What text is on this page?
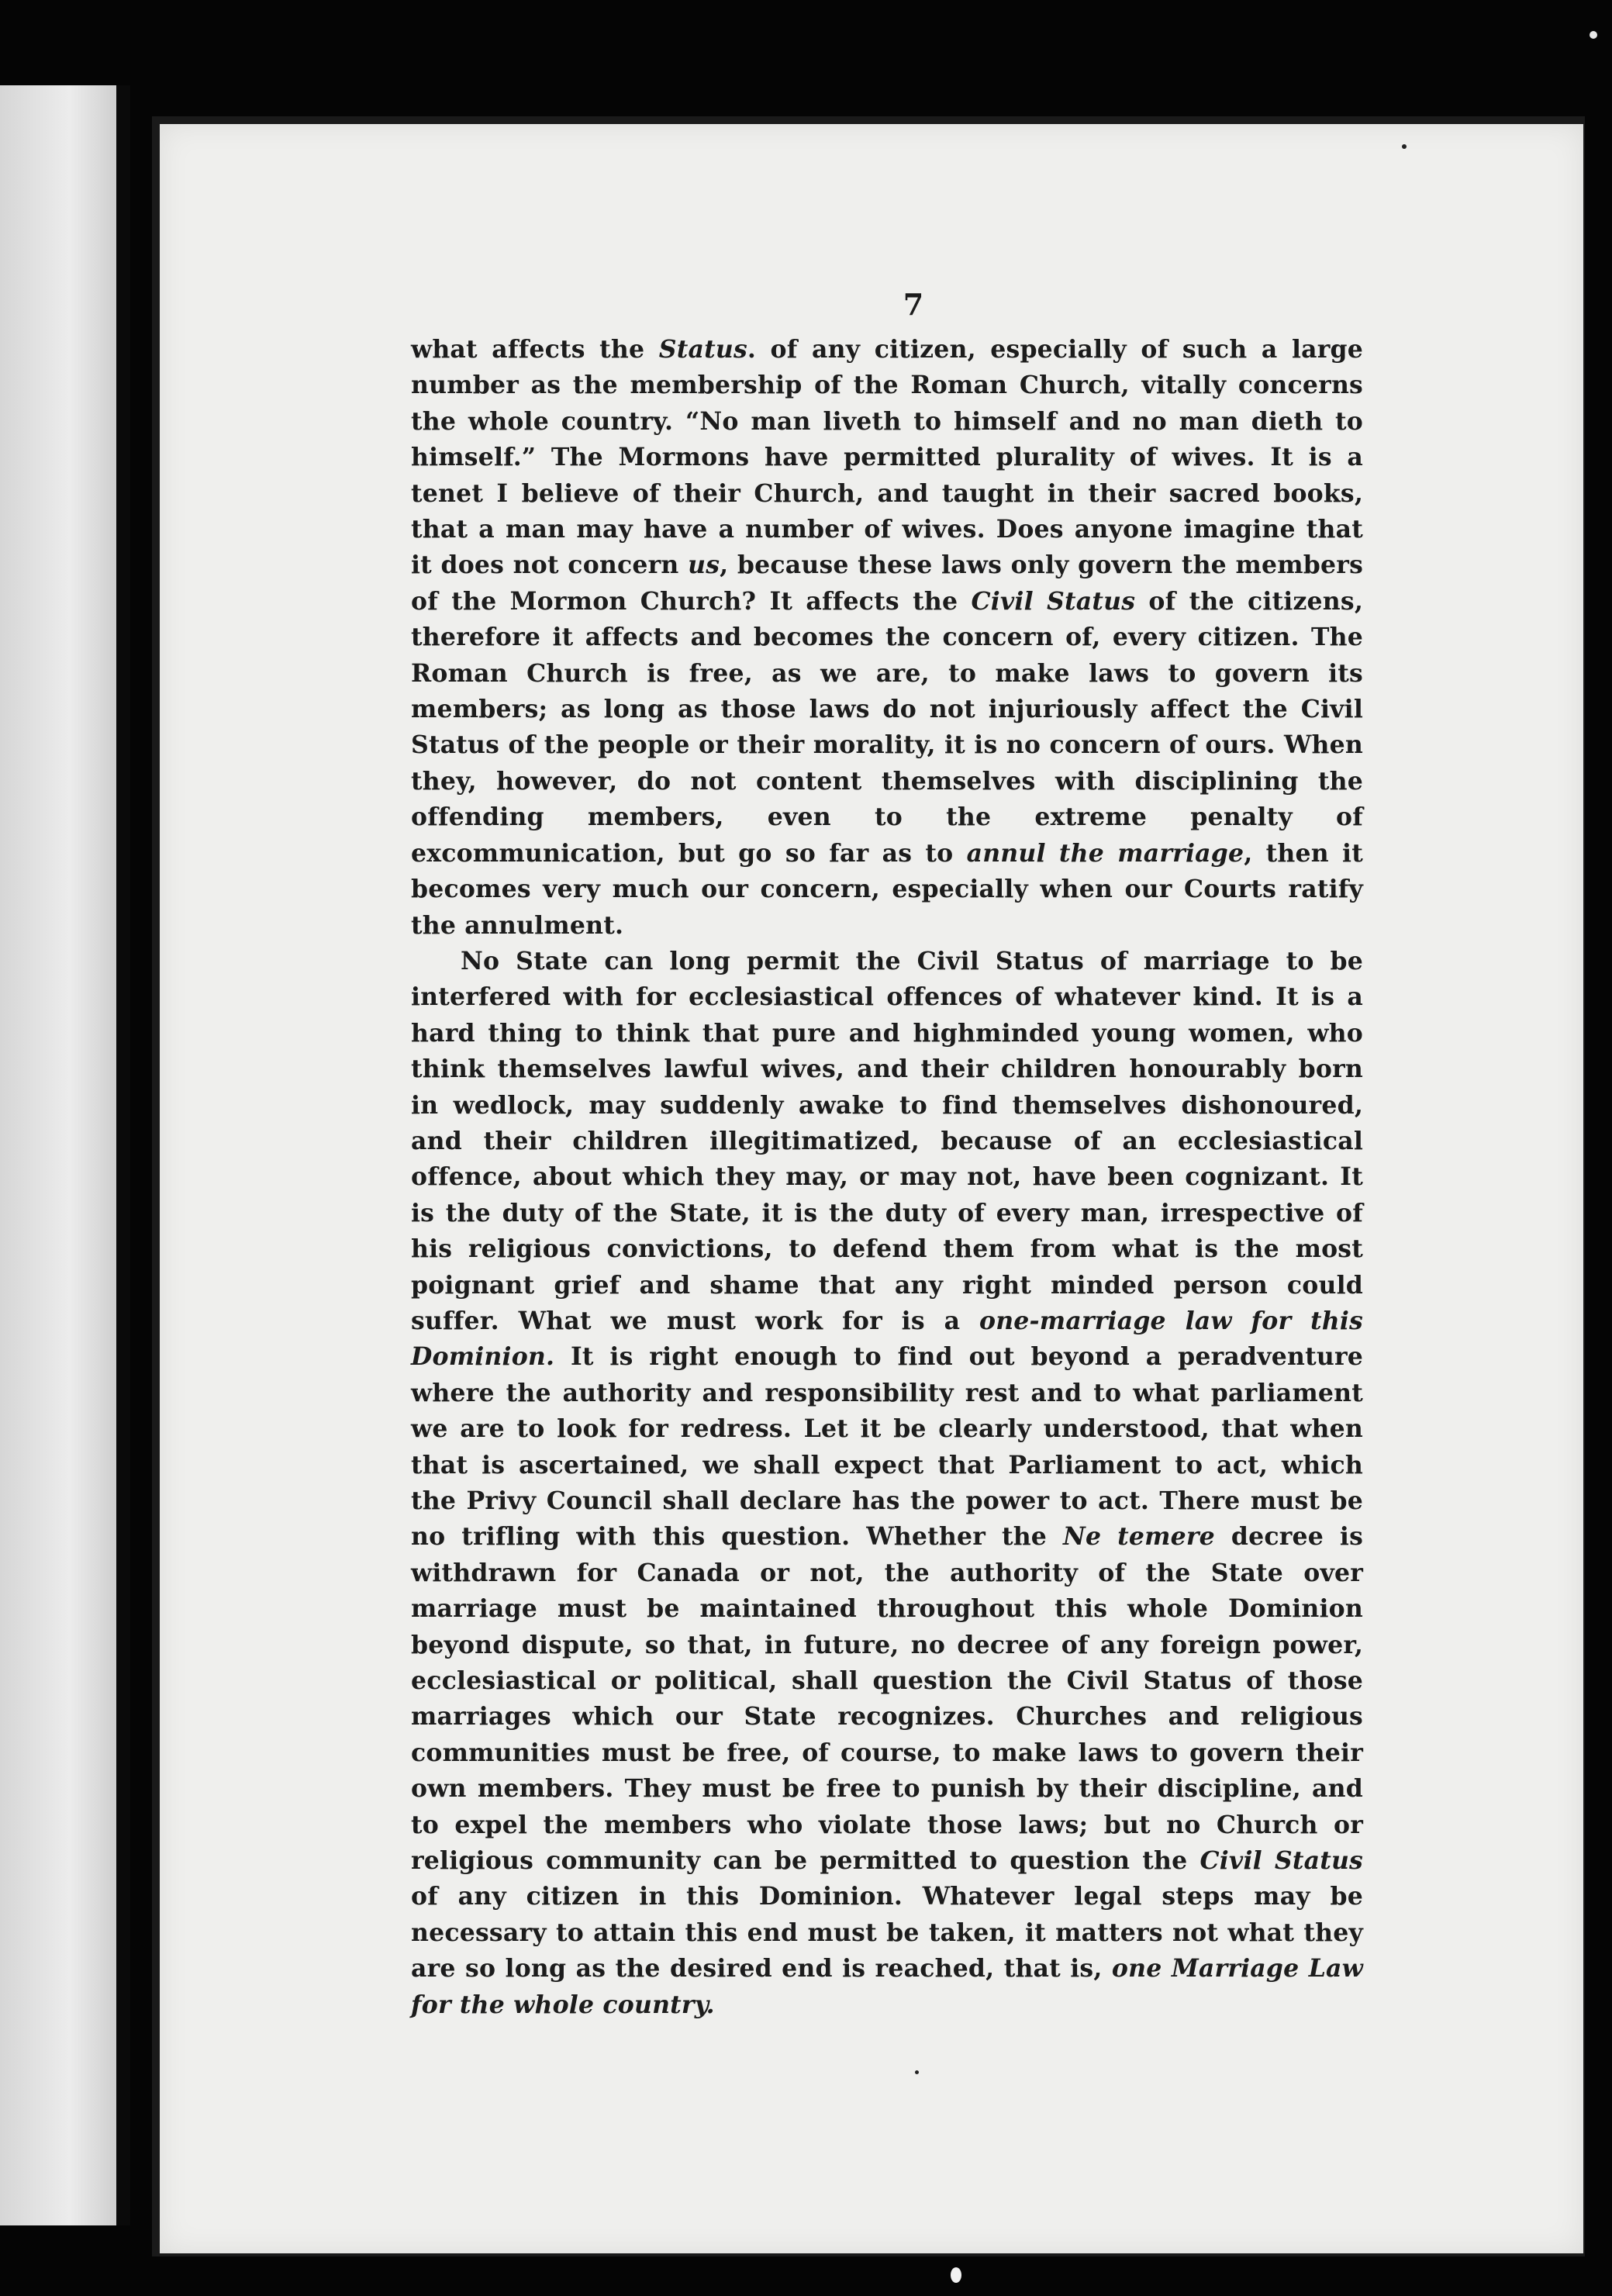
7

what affects the Status. of any citizen, especially of such a large number as the membership of the Roman Church, vitally concerns the whole country. “No man liveth to himself and no man dieth to himself.” The Mormons have permitted plurality of wives. It is a tenet I believe of their Church, and taught in their sacred books, that a man may have a number of wives. Does anyone imagine that it does not concern us, because these laws only govern the members of the Mormon Church? It affects the Civil Status of the citizens, therefore it affects and becomes the concern of, every citizen. The Roman Church is free, as we are, to make laws to govern its members; as long as those laws do not injuriously affect the Civil Status of the people or their morality, it is no concern of ours. When they, however, do not content themselves with disciplining the offending members, even to the extreme penalty of excommunication, but go so far as to annul the marriage, then it becomes very much our concern, especially when our Courts ratify the annulment.

No State can long permit the Civil Status of marriage to be interfered with for ecclesiastical offences of whatever kind. It is a hard thing to think that pure and highminded young women, who think themselves lawful wives, and their children honourably born in wedlock, may suddenly awake to find themselves dishonoured, and their children illegitimatized, because of an ecclesiastical offence, about which they may, or may not, have been cognizant. It is the duty of the State, it is the duty of every man, irrespective of his religious convictions, to defend them from what is the most poignant grief and shame that any right minded person could suffer. What we must work for is a one-marriage law for this Dominion. It is right enough to find out beyond a peradventure where the authority and responsibility rest and to what parliament we are to look for redress. Let it be clearly understood, that when that is ascertained, we shall expect that Parliament to act, which the Privy Council shall declare has the power to act. There must be no trifling with this question. Whether the Ne temere decree is withdrawn for Canada or not, the authority of the State over marriage must be maintained throughout this whole Dominion beyond dispute, so that, in future, no decree of any foreign power, ecclesiastical or political, shall question the Civil Status of those marriages which our State recognizes. Churches and religious communities must be free, of course, to make laws to govern their own members. They must be free to punish by their discipline, and to expel the members who violate those laws; but no Church or religious community can be permitted to question the Civil Status of any citizen in this Dominion. Whatever legal steps may be necessary to attain this end must be taken, it matters not what they are so long as the desired end is reached, that is, one Marriage Law for the whole country.
